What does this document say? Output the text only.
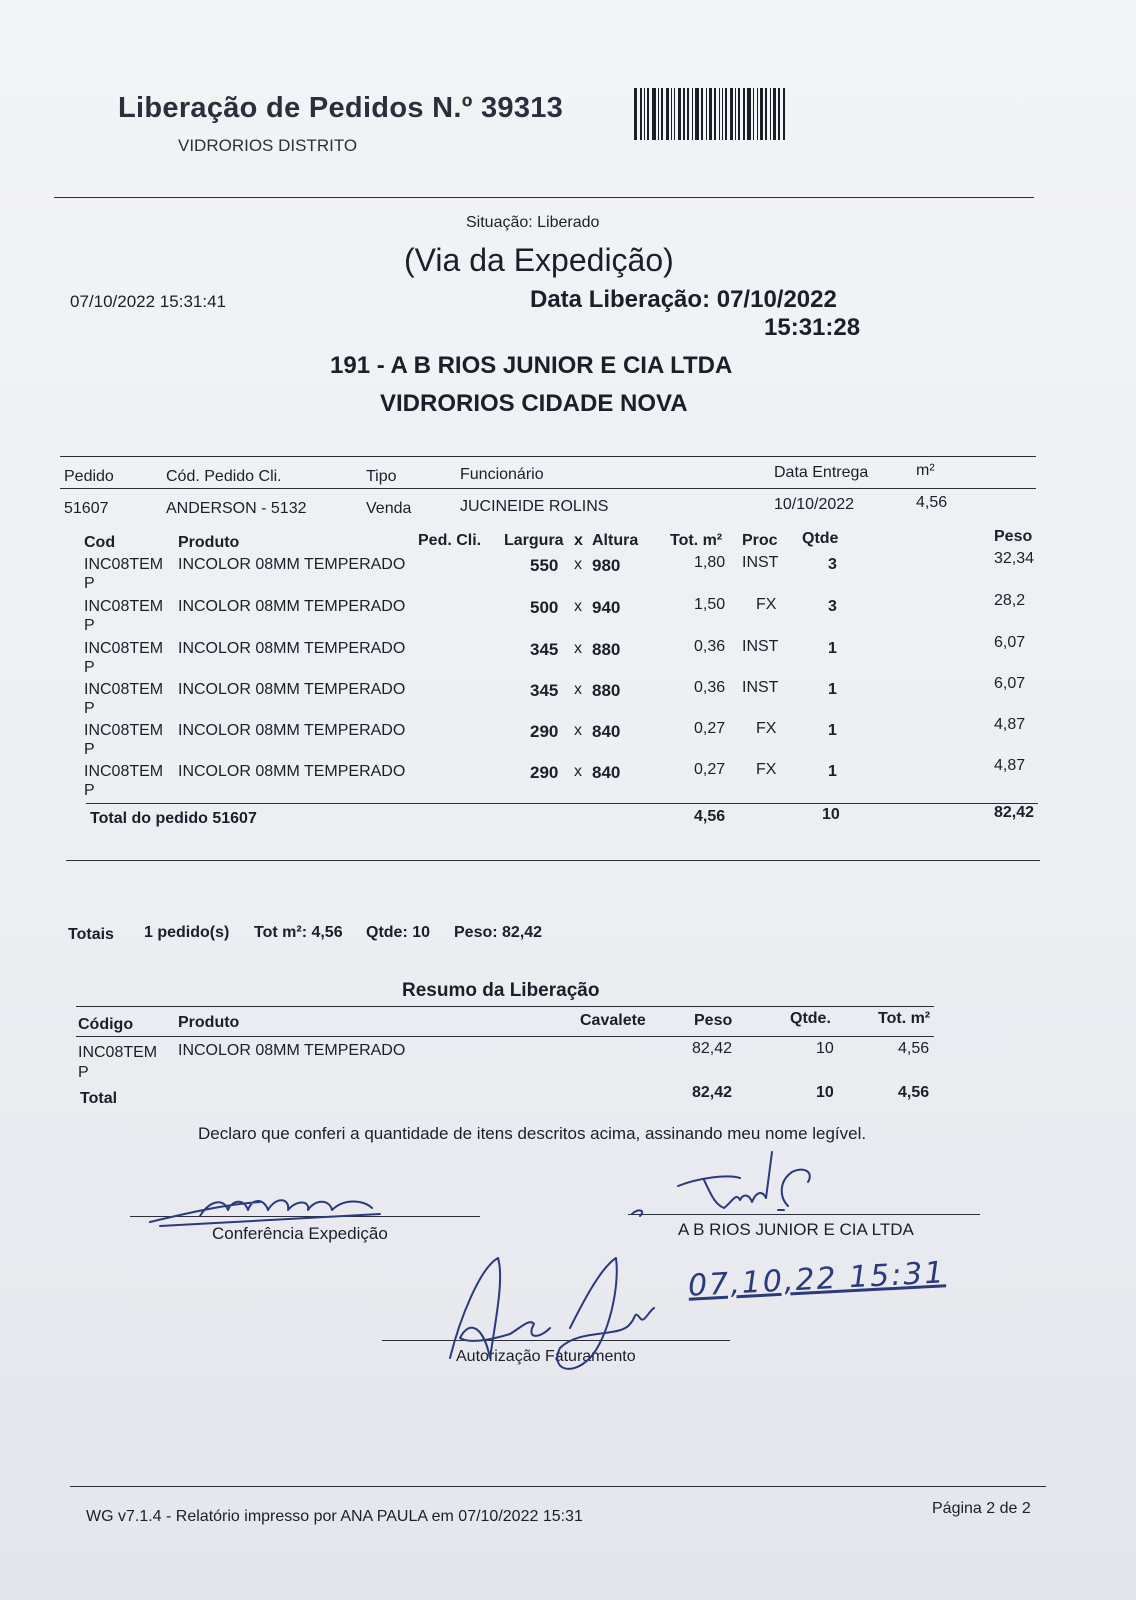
Liberação de Pedidos N.º 39313
VIDRORIOS DISTRITO
Situação: Liberado
(Via da Expedição)
07/10/2022 15:31:41	Data Liberação: 07/10/2022
15:31:28
191 - A B RIOS JUNIOR E CIA LTDA
VIDRORIOS CIDADE NOVA
Pedido	Cód. Pedido Cli.	Tipo	Funcionário	Data Entrega	m²
51607	ANDERSON - 5132	Venda	JUCINEIDE ROLINS	10/10/2022	4,56
Cod	Produto	Ped. Cli. Largura x Altura Tot. m² Proc Qtde	Peso
INC08TEM INCOLOR 08MM TEMPERADO	550 x 980	1,80 INST	3	32,34
P
INC08TEM INCOLOR 08MM TEMPERADO	500 x 940	1,50 FX	3	28,2
P
INC08TEM INCOLOR 08MM TEMPERADO	345 x 880	0,36 INST	1	6,07
P
INC08TEM INCOLOR 08MM TEMPERADO	345 x 880	0,36 INST	1	6,07
P
INC08TEM INCOLOR 08MM TEMPERADO	290 x 840	0,27 FX	1	4,87
P
INC08TEM INCOLOR 08MM TEMPERADO	290 x 840	0,27 FX	1	4,87
P
Total do pedido 51607	4,56	10	82,42
Totais 1 pedido(s) Tot m²: 4,56 Qtde: 10 Peso: 82,42
Resumo da Liberação
Código	Produto	Cavalete	Peso	Qtde.	Tot. m²
INC08TEM
P
INCOLOR 08MM TEMPERADO	82,42	10	4,56
Total	82,42	10	4,56
Declaro que conferi a quantidade de itens descritos acima, assinando meu nome legível.
Conferência Expedição	A B RIOS JUNIOR E CIA LTDA
Autorização Faturamento
07,10,22 15:31
WG v7.1.4 - Relatório impresso por ANA PAULA em 07/10/2022 15:31	Página 2 de 2
